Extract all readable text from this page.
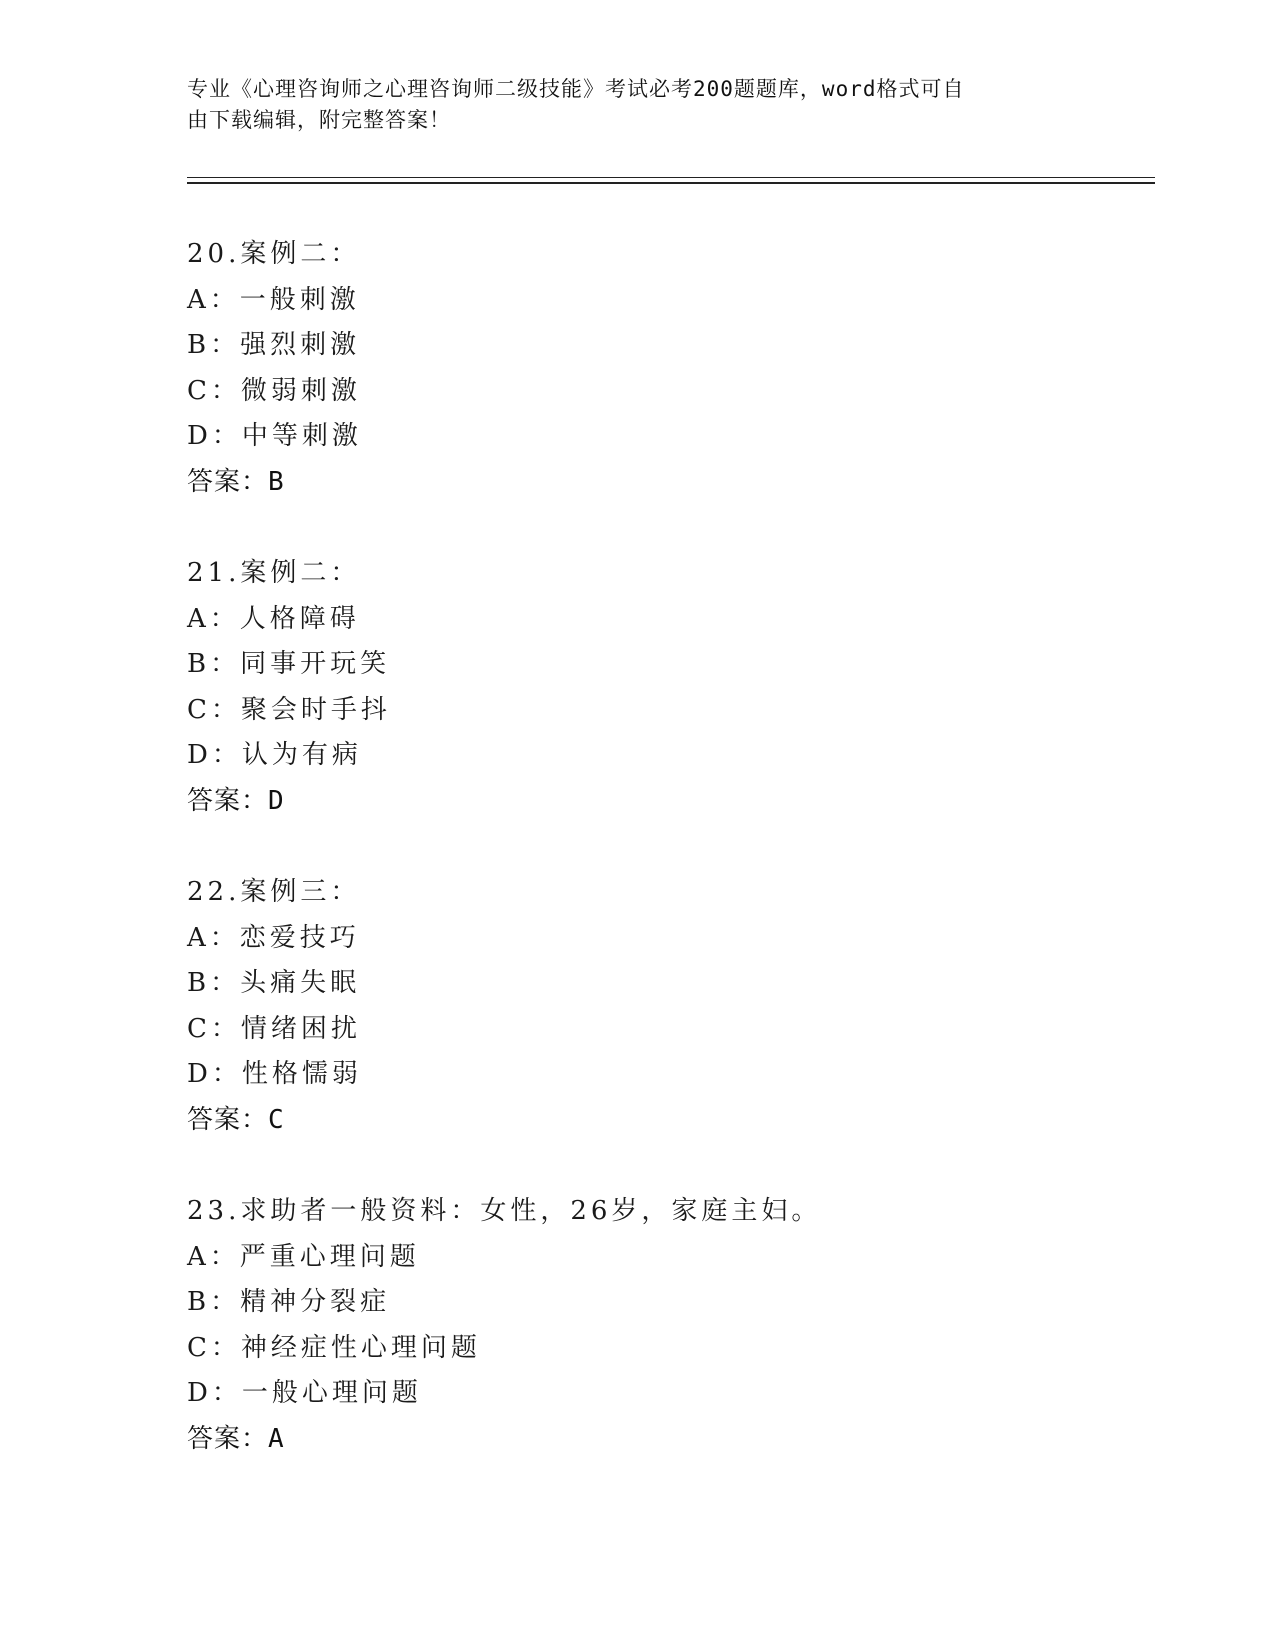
专业《心理咨询师之心理咨询师二级技能》考试必考200题题库，word格式可自
由下载编辑，附完整答案！
20.案例二：
A：一般刺激
B：强烈刺激
C：微弱刺激
D：中等刺激
答案：B
21.案例二：
A：人格障碍
B：同事开玩笑
C：聚会时手抖
D：认为有病
答案：D
22.案例三：
A：恋爱技巧
B：头痛失眠
C：情绪困扰
D：性格懦弱
答案：C
23.求助者一般资料：女性，26岁，家庭主妇。
A：严重心理问题
B：精神分裂症
C：神经症性心理问题
D：一般心理问题
答案：A
